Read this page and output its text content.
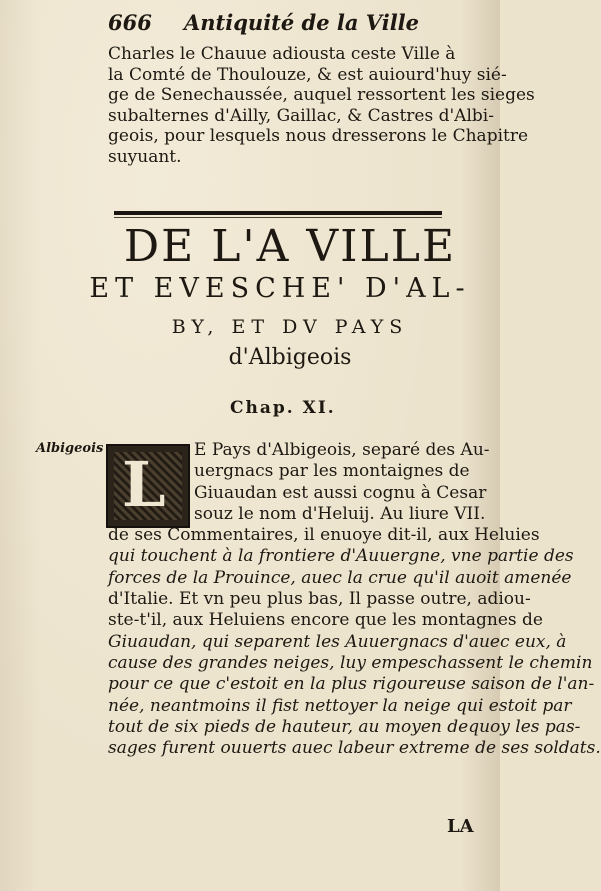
666	Antiquité de la Ville
Charles le Chauue adiousta ceste Ville à
la Comté de Thoulouze, & est auiourd'huy sié-
ge de Senechaussée, auquel ressortent les sieges
subalternes d'Ailly, Gaillac, & Castres d'Albi-
geois, pour lesquels nous dresserons le Chapitre
suyuant.
DE L'A VILLE
ET EVESCHE' D'AL-
BY, ET DV PAYS
d'Albigeois
Chap. XI.
Albigeois L	E Pays d'Albigeois, separé des Au-
uergnacs par les montaignes de
Giuaudan est aussi cognu à Cesar
souz le nom d'Heluij. Au liure VII.
de ses Commentaires, il enuoye dit-il, aux Heluies
qui touchent à la frontiere d'Auuergne, vne partie des
forces de la Prouince, auec la crue qu'il auoit amenée
d'Italie. Et vn peu plus bas, Il passe outre, adiou-
ste-t'il, aux Heluiens encore que les montagnes de
Giuaudan, qui separent les Auuergnacs d'auec eux, à
cause des grandes neiges, luy empeschassent le chemin
pour ce que c'estoit en la plus rigoureuse saison de l'an-
née, neantmoins il fist nettoyer la neige qui estoit par
tout de six pieds de hauteur, au moyen dequoy les pas-
sages furent ouuerts auec labeur extreme de ses soldats.
LA
